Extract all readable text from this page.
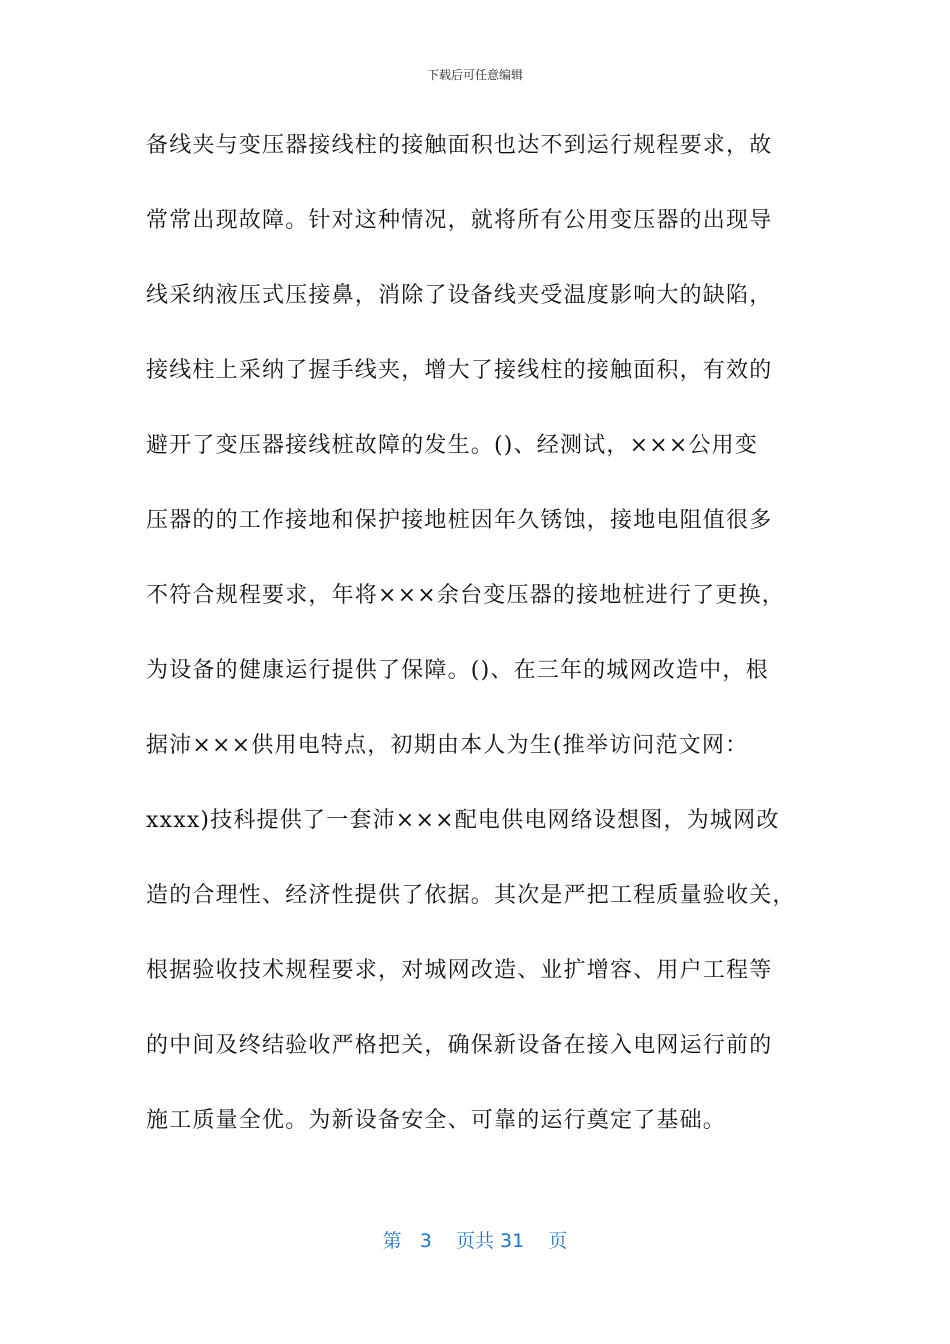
下载后可任意编辑
备线夹与变压器接线柱的接触面积也达不到运行规程要求，故
常常出现故障。针对这种情况，就将所有公用变压器的出现导
线采纳液压式压接鼻，消除了设备线夹受温度影响大的缺陷，
接线柱上采纳了握手线夹，增大了接线柱的接触面积，有效的
避开了变压器接线桩故障的发生。()、经测试，×××公用变
压器的的工作接地和保护接地桩因年久锈蚀，接地电阻值很多
不符合规程要求，年将×××余台变压器的接地桩进行了更换，
为设备的健康运行提供了保障。()、在三年的城网改造中，根
据沛×××供用电特点，初期由本人为生(推举访问范文网：
xxxx)技科提供了一套沛×××配电供电网络设想图，为城网改
造的合理性、经济性提供了依据。其次是严把工程质量验收关，
根据验收技术规程要求，对城网改造、业扩增容、用户工程等
的中间及终结验收严格把关，确保新设备在接入电网运行前的
施工质量全优。为新设备安全、可靠的运行奠定了基础。
第 3 页共 31 页
